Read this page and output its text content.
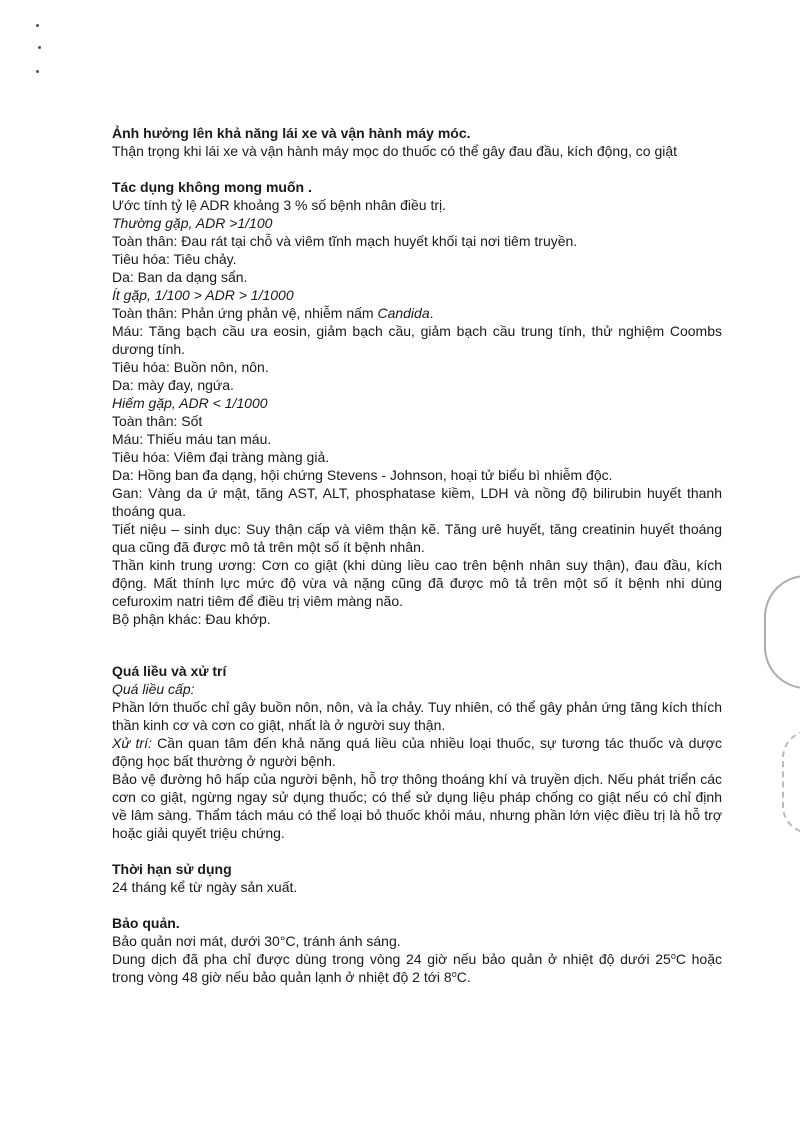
Ảnh hưởng lên khả năng lái xe và vận hành máy móc.
Thận trọng khi lái xe và vận hành máy mọc do thuốc có thể gây đau đầu, kích động, co giật
Tác dụng không mong muốn .
Ước tính tỷ lệ ADR khoảng 3 % số bệnh nhân điều trị.
Thường gặp, ADR >1/100
Toàn thân: Đau rát tại chỗ và viêm tĩnh mạch huyết khối tại nơi tiêm truyền.
Tiêu hóa: Tiêu chảy.
Da: Ban da dạng sẩn.
Ít gặp, 1/100 > ADR > 1/1000
Toàn thân: Phản ứng phản vệ, nhiễm nấm Candida.
Máu: Tăng bạch cầu ưa eosin, giảm bạch cầu, giảm bạch cầu trung tính, thử nghiệm Coombs dương tính.
Tiêu hóa: Buồn nôn, nôn.
Da: mày đay, ngứa.
Hiếm gặp, ADR < 1/1000
Toàn thân: Sốt
Máu: Thiếu máu tan máu.
Tiêu hóa: Viêm đại tràng màng giả.
Da: Hồng ban đa dạng, hội chứng Stevens - Johnson, hoại tử biểu bì nhiễm độc.
Gan: Vàng da ứ mật, tăng AST, ALT, phosphatase kiềm, LDH và nồng độ bilirubin huyết thanh thoáng qua.
Tiết niệu – sinh dục: Suy thận cấp và viêm thận kẽ. Tăng urê huyết, tăng creatinin huyết thoáng qua cũng đã được mô tả trên một số ít bệnh nhân.
Thần kinh trung ương: Cơn co giật (khi dùng liều cao trên bệnh nhân suy thận), đau đầu, kích động. Mất thính lực mức độ vừa và nặng cũng đã được mô tả trên một số ít bệnh nhi dùng cefuroxim natri tiêm để điều trị viêm màng não.
Bộ phận khác: Đau khớp.
Quá liều và xử trí
Quá liều cấp:
Phần lớn thuốc chỉ gây buồn nôn, nôn, và ỉa chảy. Tuy nhiên, có thể gây phản ứng tăng kích thích thần kinh cơ và cơn co giật, nhất là ở người suy thận.
Xử trí: Cần quan tâm đến khả năng quá liều của nhiều loại thuốc, sự tương tác thuốc và dược động học bất thường ở người bệnh.
Bảo vệ đường hô hấp của người bệnh, hỗ trợ thông thoáng khí và truyền dịch. Nếu phát triển các cơn co giật, ngừng ngay sử dụng thuốc; có thể sử dụng liệu pháp chống co giật nếu có chỉ định về lâm sàng. Thẩm tách máu có thể loại bỏ thuốc khỏi máu, nhưng phần lớn việc điều trị là hỗ trợ hoặc giải quyết triệu chứng.
Thời hạn sử dụng
24 tháng kể từ ngày sản xuất.
Bảo quản.
Bảo quản nơi mát, dưới 30°C, tránh ánh sáng.
Dung dịch đã pha chỉ được dùng trong vòng 24 giờ nếu bảo quản ở nhiệt độ dưới 25$^o$C hoặc trong vòng 48 giờ nếu bảo quản lạnh ở nhiệt độ 2 tới 8$^o$C.
